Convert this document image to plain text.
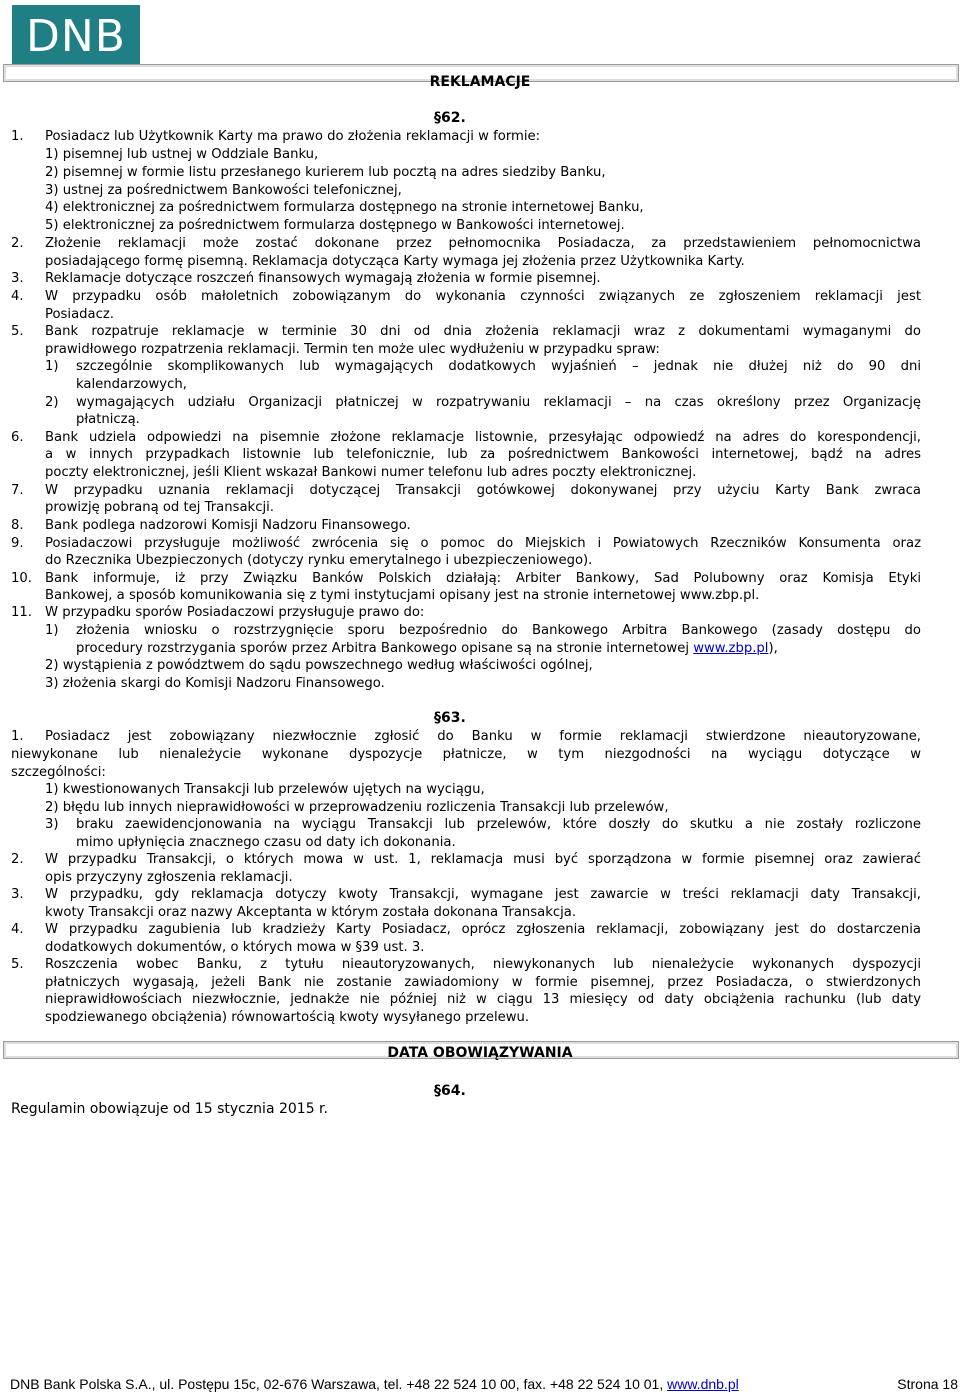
DNB
REKLAMACJE
§62.
1. Posiadacz lub Użytkownik Karty ma prawo do złożenia reklamacji w formie:
1) pisemnej lub ustnej w Oddziale Banku,
2) pisemnej w formie listu przesłanego kurierem lub pocztą na adres siedziby Banku,
3) ustnej za pośrednictwem Bankowości telefonicznej,
4) elektronicznej za pośrednictwem formularza dostępnego na stronie internetowej Banku,
5) elektronicznej za pośrednictwem formularza dostępnego w Bankowości internetowej.
2. Złożenie reklamacji może zostać dokonane przez pełnomocnika Posiadacza, za przedstawieniem pełnomocnictwa
posiadającego formę pisemną. Reklamacja dotycząca Karty wymaga jej złożenia przez Użytkownika Karty.
3. Reklamacje dotyczące roszczeń finansowych wymagają złożenia w formie pisemnej.
4. W przypadku osób małoletnich zobowiązanym do wykonania czynności związanych ze zgłoszeniem reklamacji jest
Posiadacz.
5. Bank rozpatruje reklamacje w terminie 30 dni od dnia złożenia reklamacji wraz z dokumentami wymaganymi do
prawidłowego rozpatrzenia reklamacji. Termin ten może ulec wydłużeniu w przypadku spraw:
1) szczególnie skomplikowanych lub wymagających dodatkowych wyjaśnień – jednak nie dłużej niż do 90 dni
kalendarzowych,
2) wymagających udziału Organizacji płatniczej w rozpatrywaniu reklamacji – na czas określony przez Organizację
płatniczą.
6. Bank udziela odpowiedzi na pisemnie złożone reklamacje listownie, przesyłając odpowiedź na adres do korespondencji,
a w innych przypadkach listownie lub telefonicznie, lub za pośrednictwem Bankowości internetowej, bądź na adres
poczty elektronicznej, jeśli Klient wskazał Bankowi numer telefonu lub adres poczty elektronicznej.
7. W przypadku uznania reklamacji dotyczącej Transakcji gotówkowej dokonywanej przy użyciu Karty Bank zwraca
prowizję pobraną od tej Transakcji.
8. Bank podlega nadzorowi Komisji Nadzoru Finansowego.
9. Posiadaczowi przysługuje możliwość zwrócenia się o pomoc do Miejskich i Powiatowych Rzeczników Konsumenta oraz
do Rzecznika Ubezpieczonych (dotyczy rynku emerytalnego i ubezpieczeniowego).
10. Bank informuje, iż przy Związku Banków Polskich działają: Arbiter Bankowy, Sad Polubowny oraz Komisja Etyki
Bankowej, a sposób komunikowania się z tymi instytucjami opisany jest na stronie internetowej www.zbp.pl.
11. W przypadku sporów Posiadaczowi przysługuje prawo do:
1) złożenia wniosku o rozstrzygnięcie sporu bezpośrednio do Bankowego Arbitra Bankowego (zasady dostępu do
procedury rozstrzygania sporów przez Arbitra Bankowego opisane są na stronie internetowej www.zbp.pl),
2) wystąpienia z powództwem do sądu powszechnego według właściwości ogólnej,
3) złożenia skargi do Komisji Nadzoru Finansowego.
§63.
1. Posiadacz jest zobowiązany niezwłocznie zgłosić do Banku w formie reklamacji stwierdzone nieautoryzowane,
niewykonane lub nienależycie wykonane dyspozycje płatnicze, w tym niezgodności na wyciągu dotyczące w
szczególności:
1) kwestionowanych Transakcji lub przelewów ujętych na wyciągu,
2) błędu lub innych nieprawidłowości w przeprowadzeniu rozliczenia Transakcji lub przelewów,
3) braku zaewidencjonowania na wyciągu Transakcji lub przelewów, które doszły do skutku a nie zostały rozliczone
mimo upłynięcia znacznego czasu od daty ich dokonania.
2. W przypadku Transakcji, o których mowa w ust. 1, reklamacja musi być sporządzona w formie pisemnej oraz zawierać
opis przyczyny zgłoszenia reklamacji.
3. W przypadku, gdy reklamacja dotyczy kwoty Transakcji, wymagane jest zawarcie w treści reklamacji daty Transakcji,
kwoty Transakcji oraz nazwy Akceptanta w którym została dokonana Transakcja.
4. W przypadku zagubienia lub kradzieży Karty Posiadacz, oprócz zgłoszenia reklamacji, zobowiązany jest do dostarczenia
dodatkowych dokumentów, o których mowa w §39 ust. 3.
5. Roszczenia wobec Banku, z tytułu nieautoryzowanych, niewykonanych lub nienależycie wykonanych dyspozycji
płatniczych wygasają, jeżeli Bank nie zostanie zawiadomiony w formie pisemnej, przez Posiadacza, o stwierdzonych
nieprawidłowościach niezwłocznie, jednakże nie później niż w ciągu 13 miesięcy od daty obciążenia rachunku (lub daty
spodziewanego obciążenia) równowartością kwoty wysyłanego przelewu.
DATA OBOWIĄZYWANIA
§64.
Regulamin obowiązuje od 15 stycznia 2015 r.
DNB Bank Polska S.A., ul. Postępu 15c, 02-676 Warszawa, tel. +48 22 524 10 00, fax. +48 22 524 10 01, www.dnb.pl	Strona 18
